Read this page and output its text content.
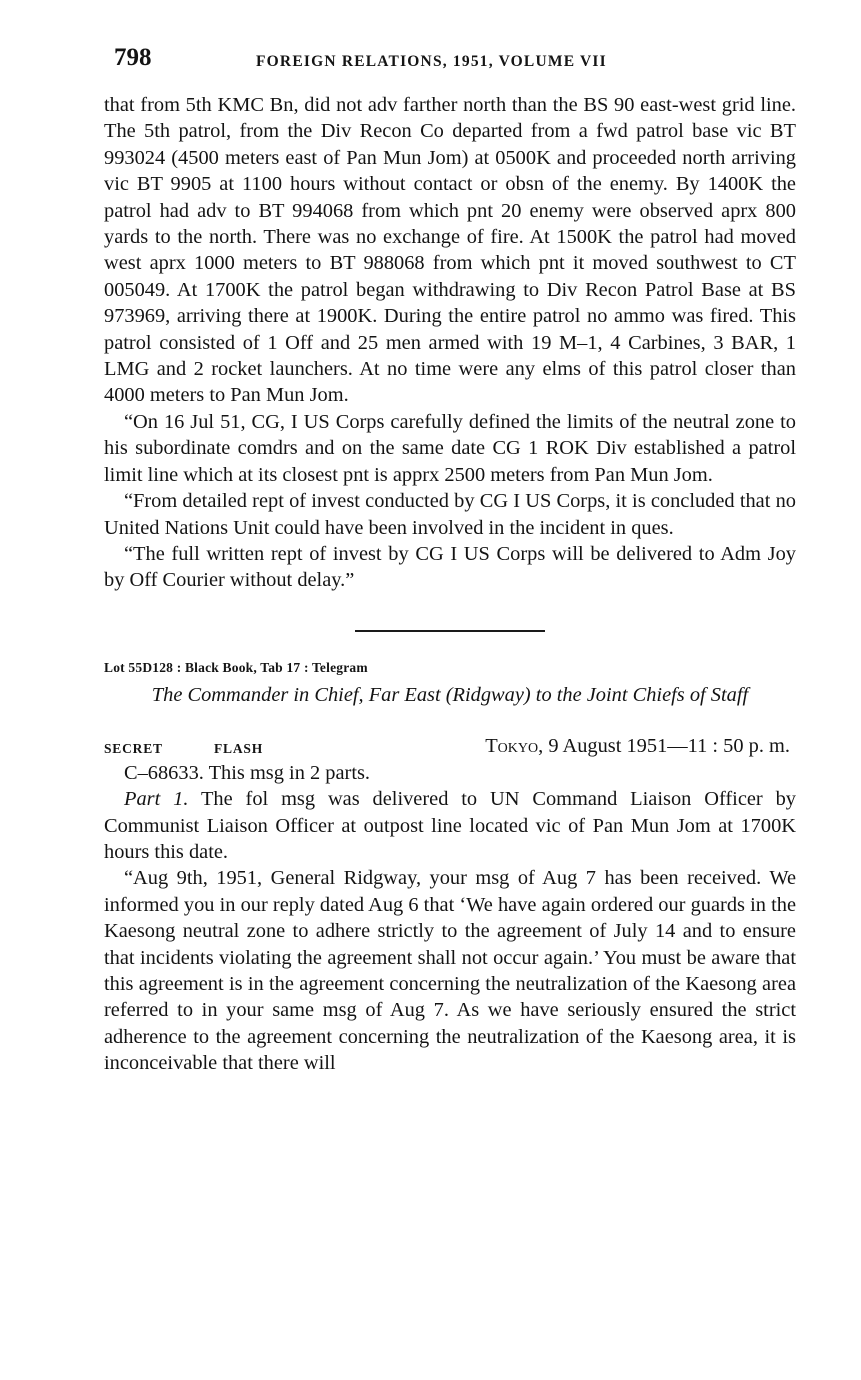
798	FOREIGN RELATIONS, 1951, VOLUME VII

that from 5th KMC Bn, did not adv farther north than the BS 90 east-west grid line. The 5th patrol, from the Div Recon Co departed from a fwd patrol base vic BT 993024 (4500 meters east of Pan Mun Jom) at 0500K and proceeded north arriving vic BT 9905 at 1100 hours without contact or obsn of the enemy. By 1400K the patrol had adv to BT 994068 from which pnt 20 enemy were observed aprx 800 yards to the north. There was no exchange of fire. At 1500K the patrol had moved west aprx 1000 meters to BT 988068 from which pnt it moved southwest to CT 005049. At 1700K the patrol began withdrawing to Div Recon Patrol Base at BS 973969, arriving there at 1900K. During the entire patrol no ammo was fired. This patrol consisted of 1 Off and 25 men armed with 19 M–1, 4 Carbines, 3 BAR, 1 LMG and 2 rocket launchers. At no time were any elms of this patrol closer than 4000 meters to Pan Mun Jom.

“On 16 Jul 51, CG, I US Corps carefully defined the limits of the neutral zone to his subordinate comdrs and on the same date CG 1 ROK Div established a patrol limit line which at its closest pnt is apprx 2500 meters from Pan Mun Jom.

“From detailed rept of invest conducted by CG I US Corps, it is concluded that no United Nations Unit could have been involved in the incident in ques.

“The full written rept of invest by CG I US Corps will be delivered to Adm Joy by Off Courier without delay.”

Lot 55D128 : Black Book, Tab 17 : Telegram
The Commander in Chief, Far East (Ridgway) to the Joint Chiefs of Staff
SECRET	FLASH	Tokyo, 9 August 1951—11 : 50 p. m.

C–68633. This msg in 2 parts.

Part 1. The fol msg was delivered to UN Command Liaison Officer by Communist Liaison Officer at outpost line located vic of Pan Mun Jom at 1700K hours this date.

“Aug 9th, 1951, General Ridgway, your msg of Aug 7 has been received. We informed you in our reply dated Aug 6 that ‘We have again ordered our guards in the Kaesong neutral zone to adhere strictly to the agreement of July 14 and to ensure that incidents violating the agreement shall not occur again.’ You must be aware that this agreement is in the agreement concerning the neutralization of the Kaesong area referred to in your same msg of Aug 7. As we have seriously ensured the strict adherence to the agreement concerning the neutralization of the Kaesong area, it is inconceivable that there will
